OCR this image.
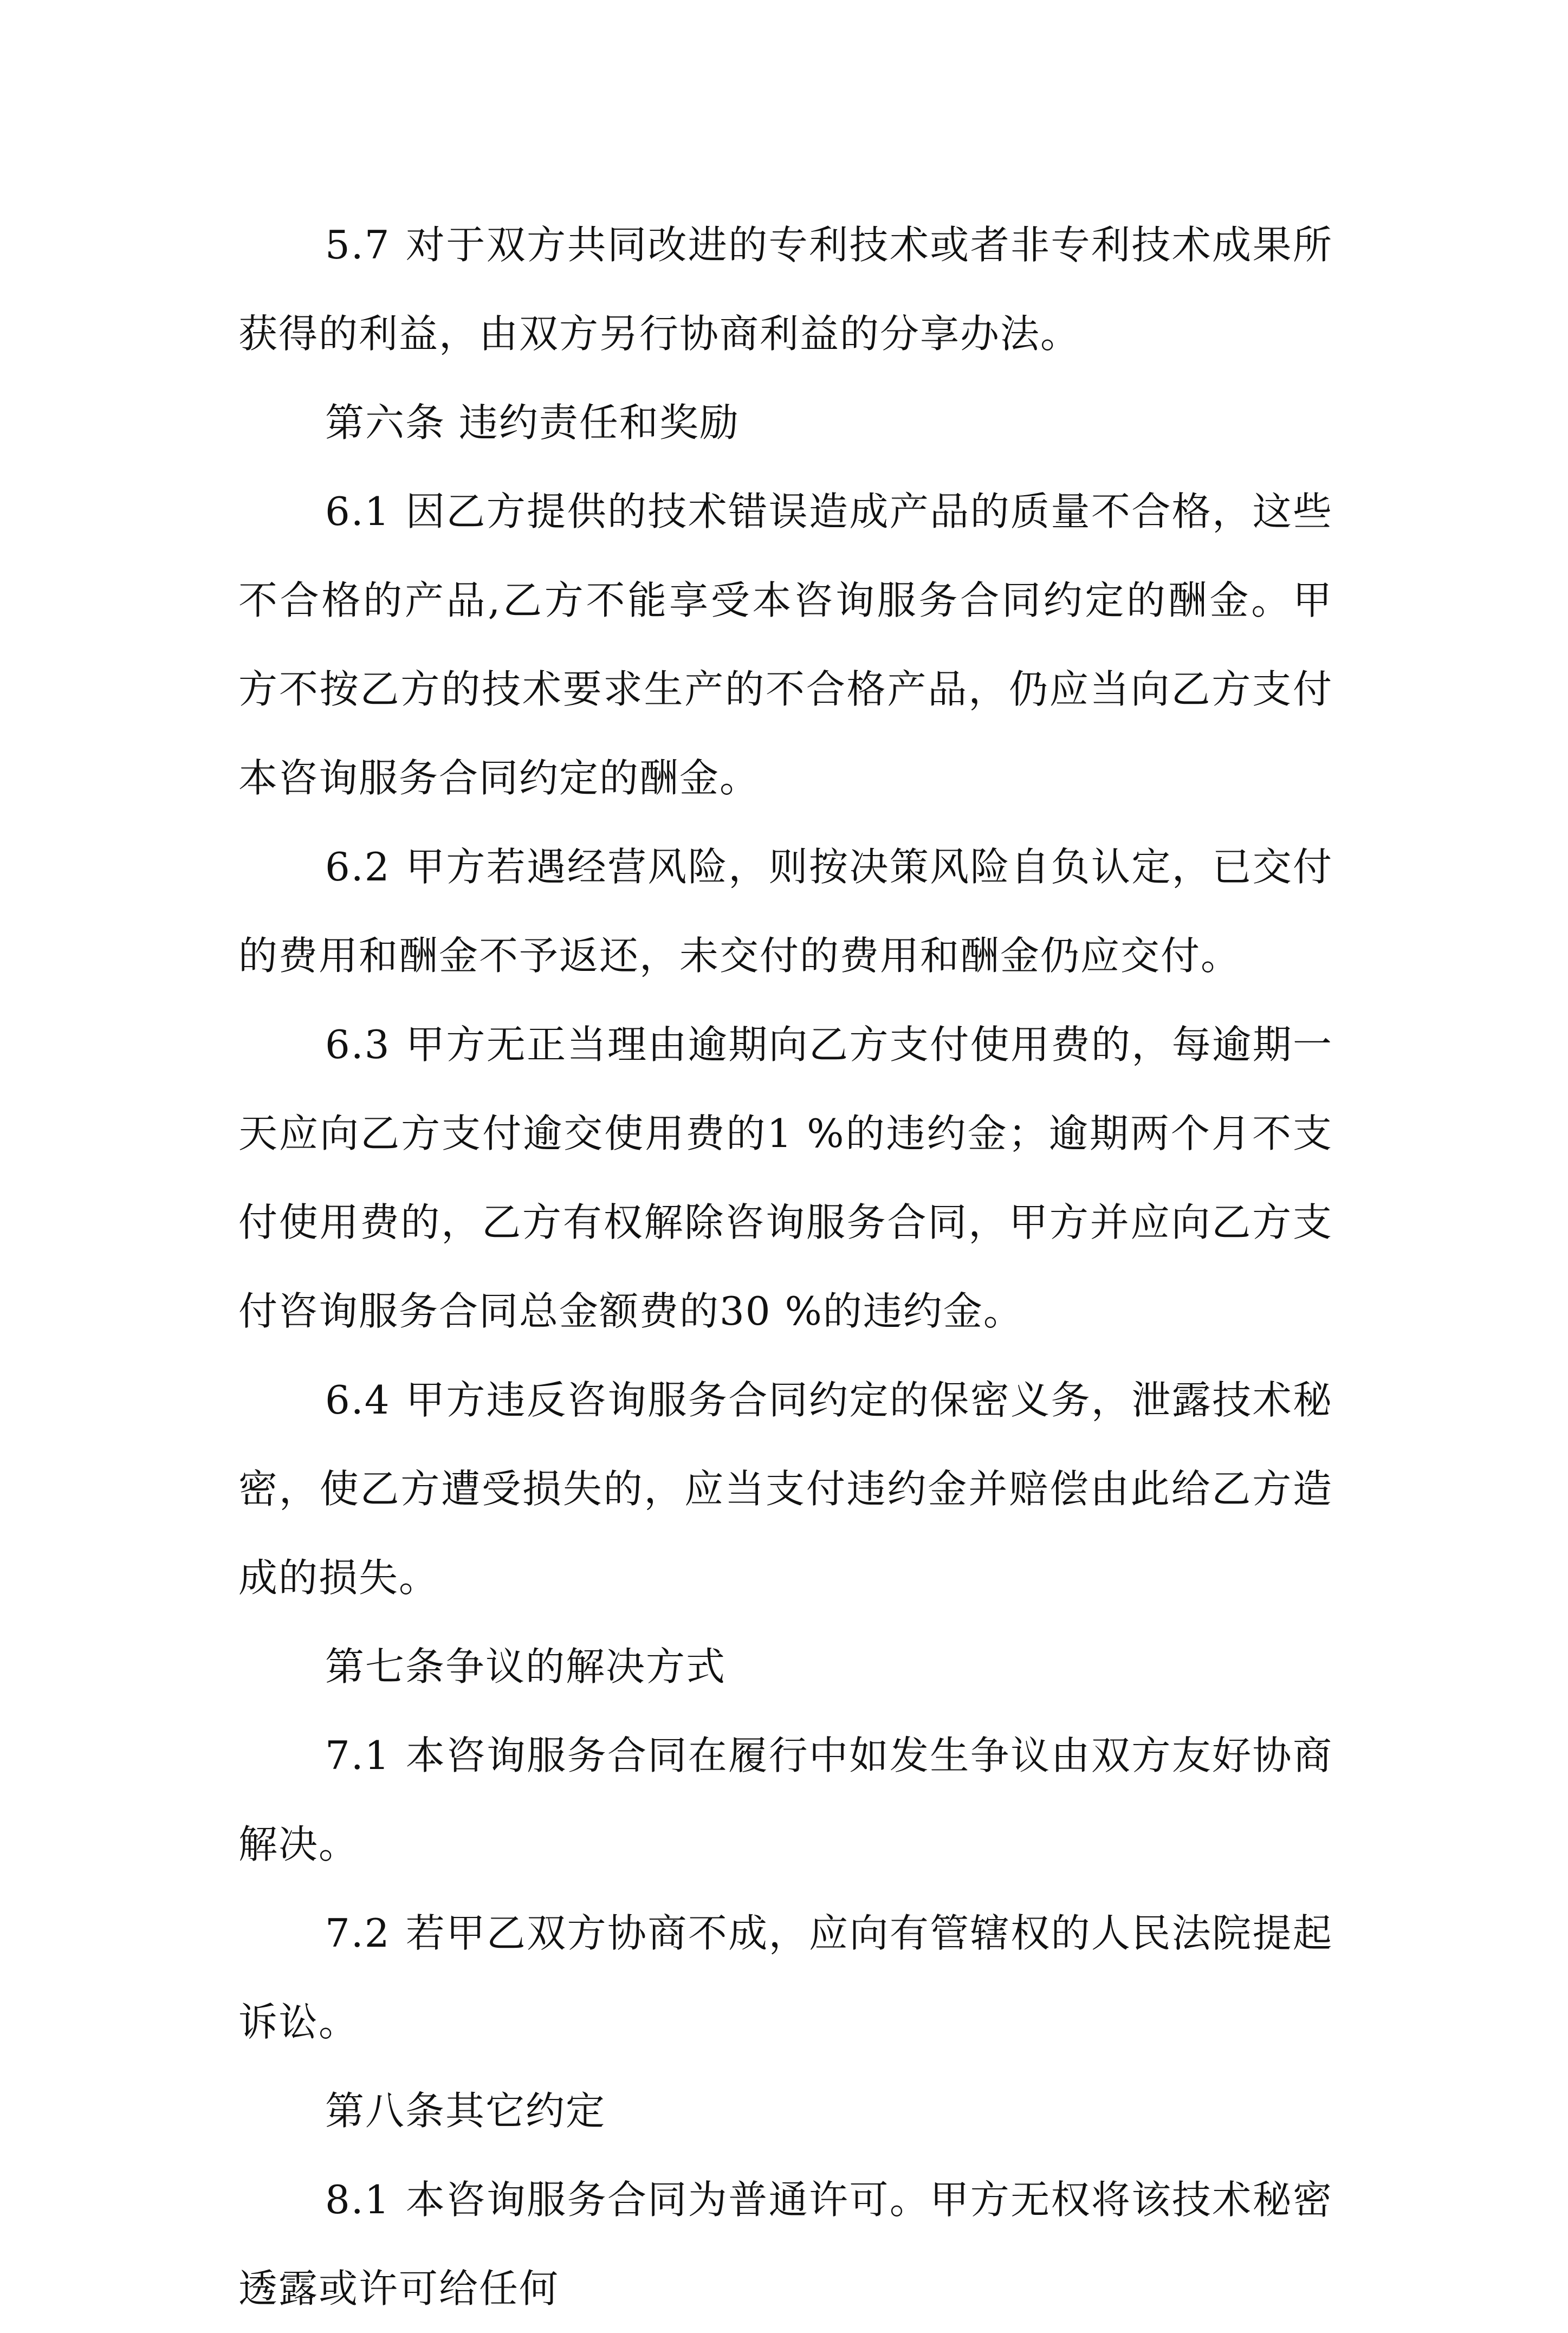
5.7 对于双方共同改进的专利技术或者非专利技术成果所获得的利益，由双方另行协商利益的分享办法。

第六条 违约责任和奖励

6.1 因乙方提供的技术错误造成产品的质量不合格，这些不合格的产品,乙方不能享受本咨询服务合同约定的酬金。甲方不按乙方的技术要求生产的不合格产品，仍应当向乙方支付本咨询服务合同约定的酬金。

6.2 甲方若遇经营风险，则按决策风险自负认定，已交付的费用和酬金不予返还，未交付的费用和酬金仍应交付。

6.3 甲方无正当理由逾期向乙方支付使用费的，每逾期一天应向乙方支付逾交使用费的1 %的违约金；逾期两个月不支付使用费的，乙方有权解除咨询服务合同，甲方并应向乙方支付咨询服务合同总金额费的30 %的违约金。

6.4 甲方违反咨询服务合同约定的保密义务，泄露技术秘密，使乙方遭受损失的，应当支付违约金并赔偿由此给乙方造成的损失。

第七条争议的解决方式

7.1 本咨询服务合同在履行中如发生争议由双方友好协商解决。

7.2 若甲乙双方协商不成，应向有管辖权的人民法院提起诉讼。

第八条其它约定

8.1 本咨询服务合同为普通许可。甲方无权将该技术秘密透露或许可给任何
